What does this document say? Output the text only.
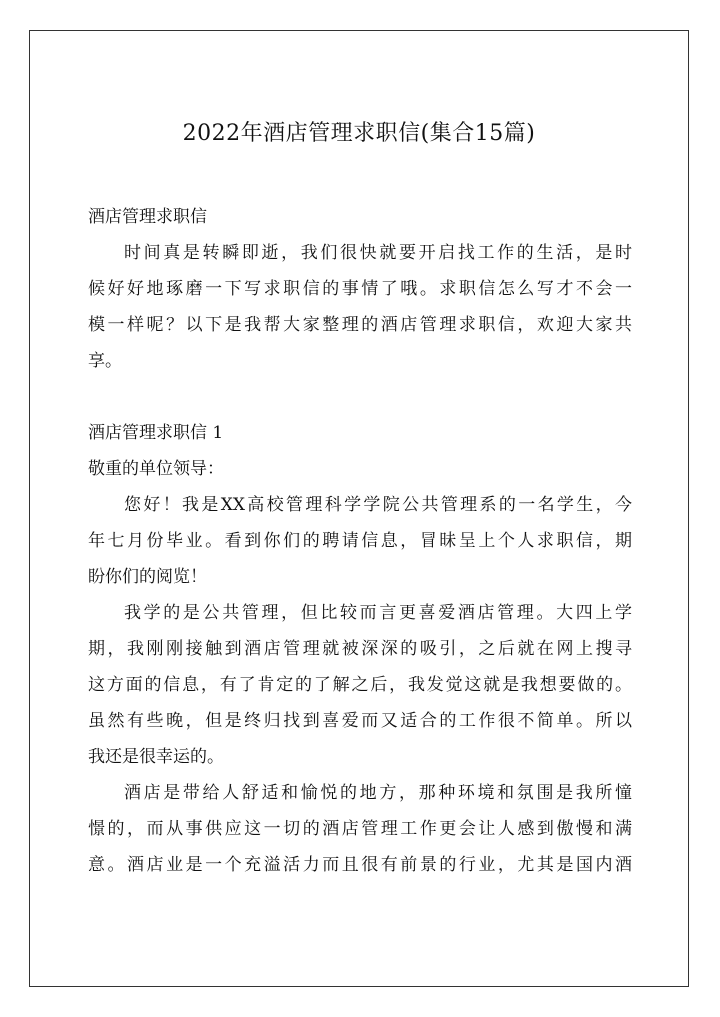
2022年酒店管理求职信(集合15篇)
酒店管理求职信
时间真是转瞬即逝，我们很快就要开启找工作的生活，是时
候好好地琢磨一下写求职信的事情了哦。求职信怎么写才不会一
模一样呢？以下是我帮大家整理的酒店管理求职信，欢迎大家共
享。
酒店管理求职信 1
敬重的单位领导：
您好！我是XX高校管理科学学院公共管理系的一名学生，今
年七月份毕业。看到你们的聘请信息，冒昧呈上个人求职信，期
盼你们的阅览！
我学的是公共管理，但比较而言更喜爱酒店管理。大四上学
期，我刚刚接触到酒店管理就被深深的吸引，之后就在网上搜寻
这方面的信息，有了肯定的了解之后，我发觉这就是我想要做的。
虽然有些晚，但是终归找到喜爱而又适合的工作很不简单。所以
我还是很幸运的。
酒店是带给人舒适和愉悦的地方，那种环境和氛围是我所憧
憬的，而从事供应这一切的酒店管理工作更会让人感到傲慢和满
意。酒店业是一个充溢活力而且很有前景的行业，尤其是国内酒
